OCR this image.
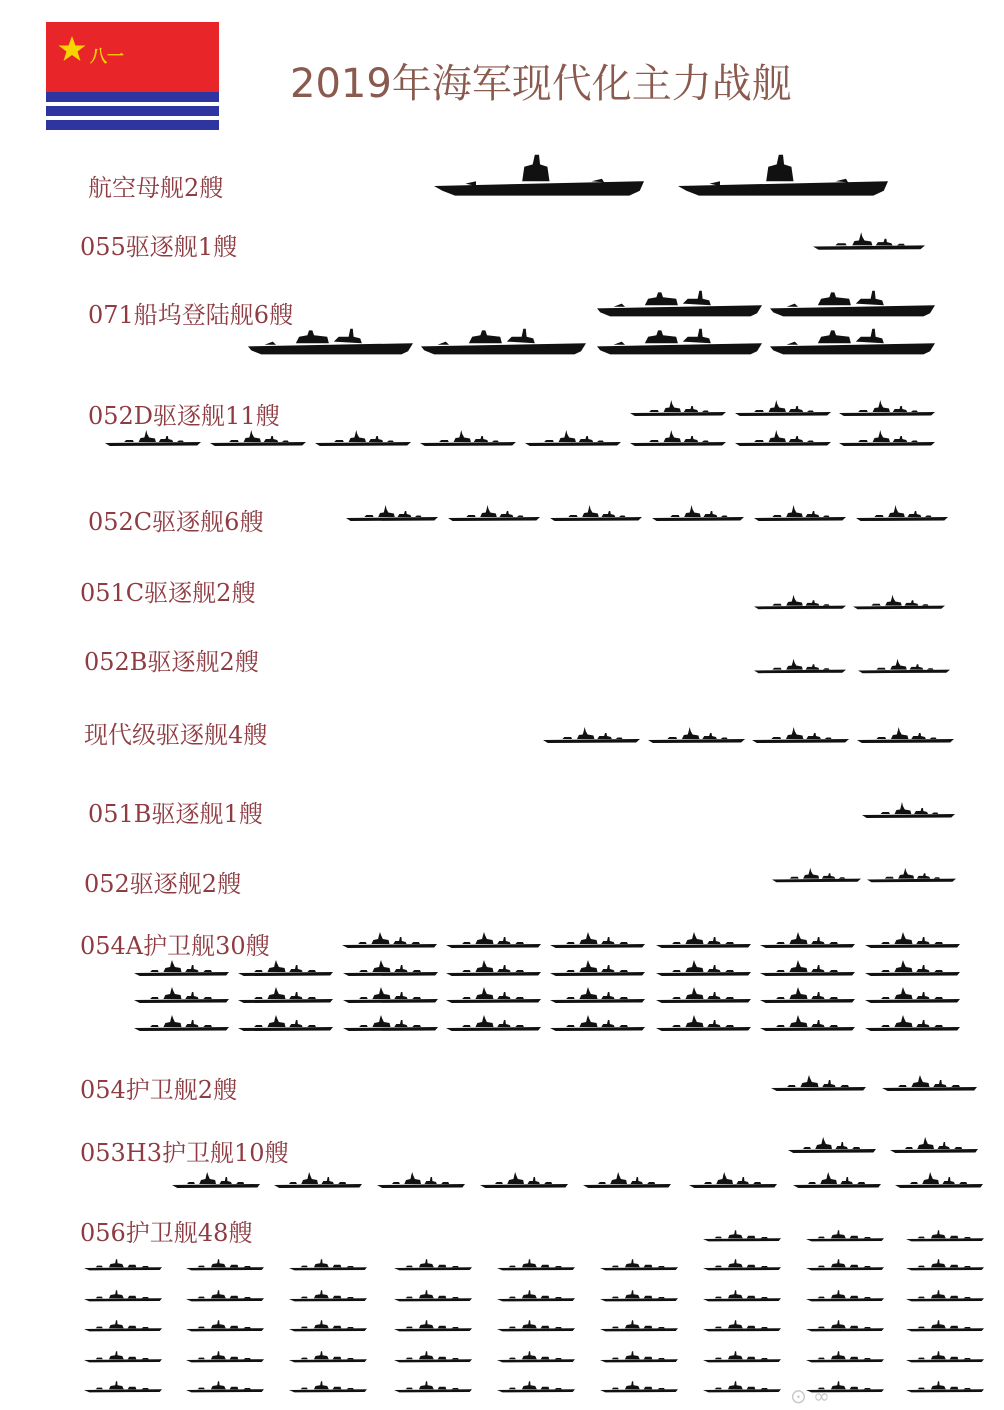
八一
2019年海军现代化主力战舰
⊙ ∞
航空母舰2艘
055驱逐舰1艘
071船坞登陆舰6艘
052D驱逐舰11艘
052C驱逐舰6艘
051C驱逐舰2艘
052B驱逐舰2艘
现代级驱逐舰4艘
051B驱逐舰1艘
052驱逐舰2艘
054A护卫舰30艘
054护卫舰2艘
053H3护卫舰10艘
056护卫舰48艘
